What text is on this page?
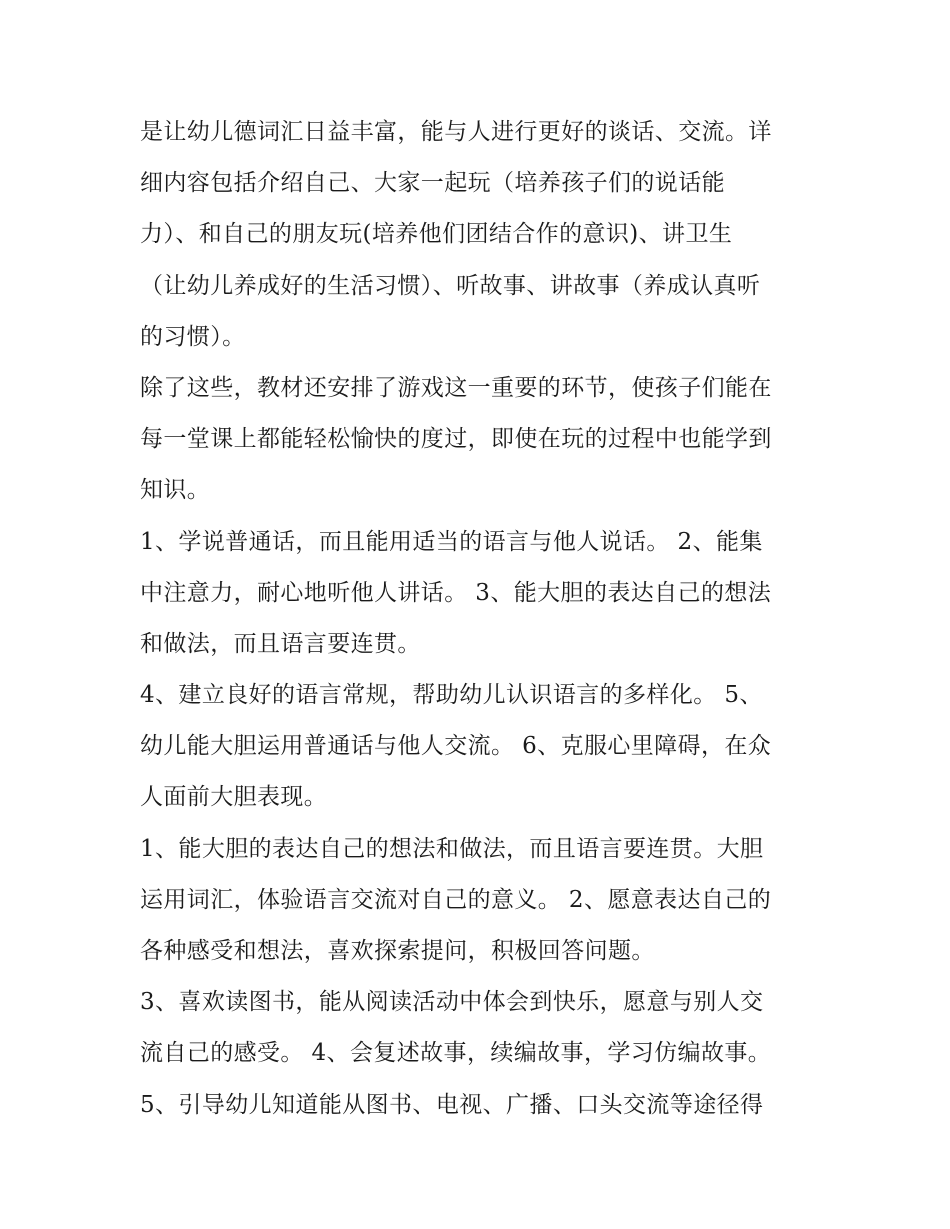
是让幼儿德词汇日益丰富，能与人进行更好的谈话、交流。详
细内容包括介绍自己、大家一起玩（培养孩子们的说话能
力）、和自己的朋友玩(培养他们团结合作的意识)、讲卫生
（让幼儿养成好的生活习惯）、听故事、讲故事（养成认真听
的习惯）。

除了这些，教材还安排了游戏这一重要的环节，使孩子们能在
每一堂课上都能轻松愉快的度过，即使在玩的过程中也能学到
知识。

1、学说普通话，而且能用适当的语言与他人说话。 2、能集
中注意力，耐心地听他人讲话。 3、能大胆的表达自己的想法
和做法，而且语言要连贯。

4、建立良好的语言常规，帮助幼儿认识语言的多样化。 5、
幼儿能大胆运用普通话与他人交流。 6、克服心里障碍，在众
人面前大胆表现。

1、能大胆的表达自己的想法和做法，而且语言要连贯。大胆
运用词汇，体验语言交流对自己的意义。 2、愿意表达自己的
各种感受和想法，喜欢探索提问，积极回答问题。

3、喜欢读图书，能从阅读活动中体会到快乐，愿意与别人交
流自己的感受。 4、会复述故事，续编故事，学习仿编故事。

5、引导幼儿知道能从图书、电视、广播、口头交流等途径得
